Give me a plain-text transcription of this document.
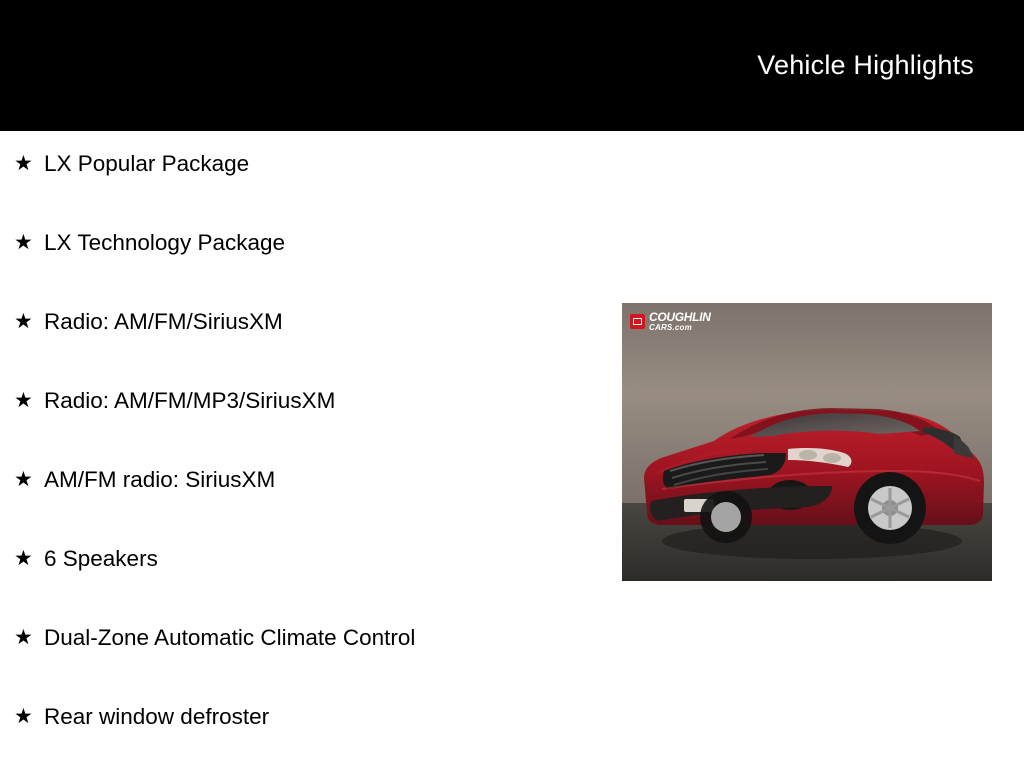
Vehicle Highlights
★ LX Popular Package
★ LX Technology Package
★ Radio: AM/FM/SiriusXM
★ Radio: AM/FM/MP3/SiriusXM
★ AM/FM radio: SiriusXM
★ 6 Speakers
★ Dual-Zone Automatic Climate Control
★ Rear window defroster
COUGHLIN
CARS.com
